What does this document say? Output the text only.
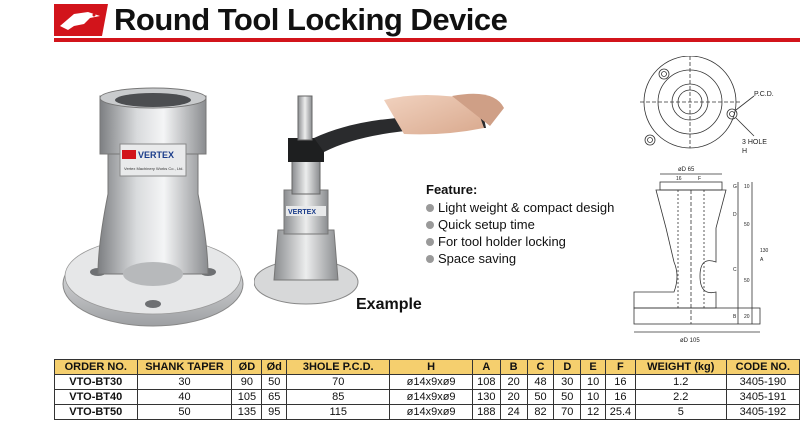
Round Tool Locking Device
VERTEX
Vertex Machinery Works Co., Ltd.
VERTEX
Example
Feature:
Light weight & compact desigh
Quick setup time
For tool holder locking
Space saving
P.C.D.
3 HOLE
H
øD 65
16	F
øD 105
G 10
D
50
C
50
B 20
A
130
ORDER NO.	SHANK TAPER	ØD	Ød	3HOLE P.C.D.	H	A	B	C	D	E	F	WEIGHT (kg)	CODE NO.
VTO-BT30	30	90	50	70	ø14x9xø9	108	20	48	30	10	16	1.2	3405-190
VTO-BT40	40	105	65	85	ø14x9xø9	130	20	50	50	10	16	2.2	3405-191
VTO-BT50	50	135	95	115	ø14x9xø9	188	24	82	70	12	25.4	5	3405-192
